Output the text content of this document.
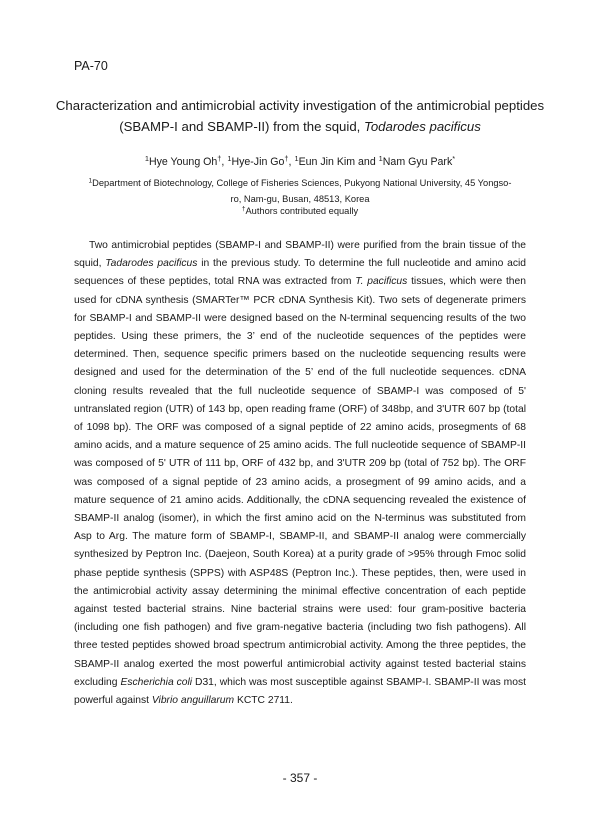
PA-70
Characterization and antimicrobial activity investigation of the antimicrobial peptides
(SBAMP-I and SBAMP-II) from the squid, Todarodes pacificus
$^1$Hye Young Oh†, $^1$Hye-Jin Go†, $^1$Eun Jin Kim and $^1$Nam Gyu Park*
$^1$Department of Biotechnology, College of Fisheries Sciences, Pukyong National University, 45 Yongso-ro, Nam-gu, Busan, 48513, Korea
†Authors contributed equally

Two antimicrobial peptides (SBAMP-I and SBAMP-II) were purified from the brain tissue of the squid, Tadarodes pacificus in the previous study. To determine the full nucleotide and amino acid sequences of these peptides, total RNA was extracted from T. pacificus tissues, which were then used for cDNA synthesis (SMARTer™ PCR cDNA Synthesis Kit). Two sets of degenerate primers for SBAMP-I and SBAMP-II were designed based on the N-terminal sequencing results of the two peptides. Using these primers, the 3’ end of the nucleotide sequences of the peptides were determined. Then, sequence specific primers based on the nucleotide sequencing results were designed and used for the determination of the 5’ end of the full nucleotide sequences. cDNA cloning results revealed that the full nucleotide sequence of SBAMP-I was composed of 5' untranslated region (UTR) of 143 bp, open reading frame (ORF) of 348bp, and 3'UTR 607 bp (total of 1098 bp). The ORF was composed of a signal peptide of 22 amino acids, prosegments of 68 amino acids, and a mature sequence of 25 amino acids. The full nucleotide sequence of SBAMP-II was composed of 5' UTR of 111 bp, ORF of 432 bp, and 3'UTR 209 bp (total of 752 bp). The ORF was composed of a signal peptide of 23 amino acids, a prosegment of 99 amino acids, and a mature sequence of 21 amino acids. Additionally, the cDNA sequencing revealed the existence of SBAMP-II analog (isomer), in which the first amino acid on the N-terminus was substituted from Asp to Arg. The mature form of SBAMP-I, SBAMP-II, and SBAMP-II analog were commercially synthesized by Peptron Inc. (Daejeon, South Korea) at a purity grade of >95% through Fmoc solid phase peptide synthesis (SPPS) with ASP48S (Peptron Inc.). These peptides, then, were used in the antimicrobial activity assay determining the minimal effective concentration of each peptide against tested bacterial strains. Nine bacterial strains were used: four gram-positive bacteria (including one fish pathogen) and five gram-negative bacteria (including two fish pathogens). All three tested peptides showed broad spectrum antimicrobial activity. Among the three peptides, the SBAMP-II analog exerted the most powerful antimicrobial activity against tested bacterial stains excluding Escherichia coli D31, which was most susceptible against SBAMP-I. SBAMP-II was most powerful against Vibrio anguillarum KCTC 2711.

- 357 -
